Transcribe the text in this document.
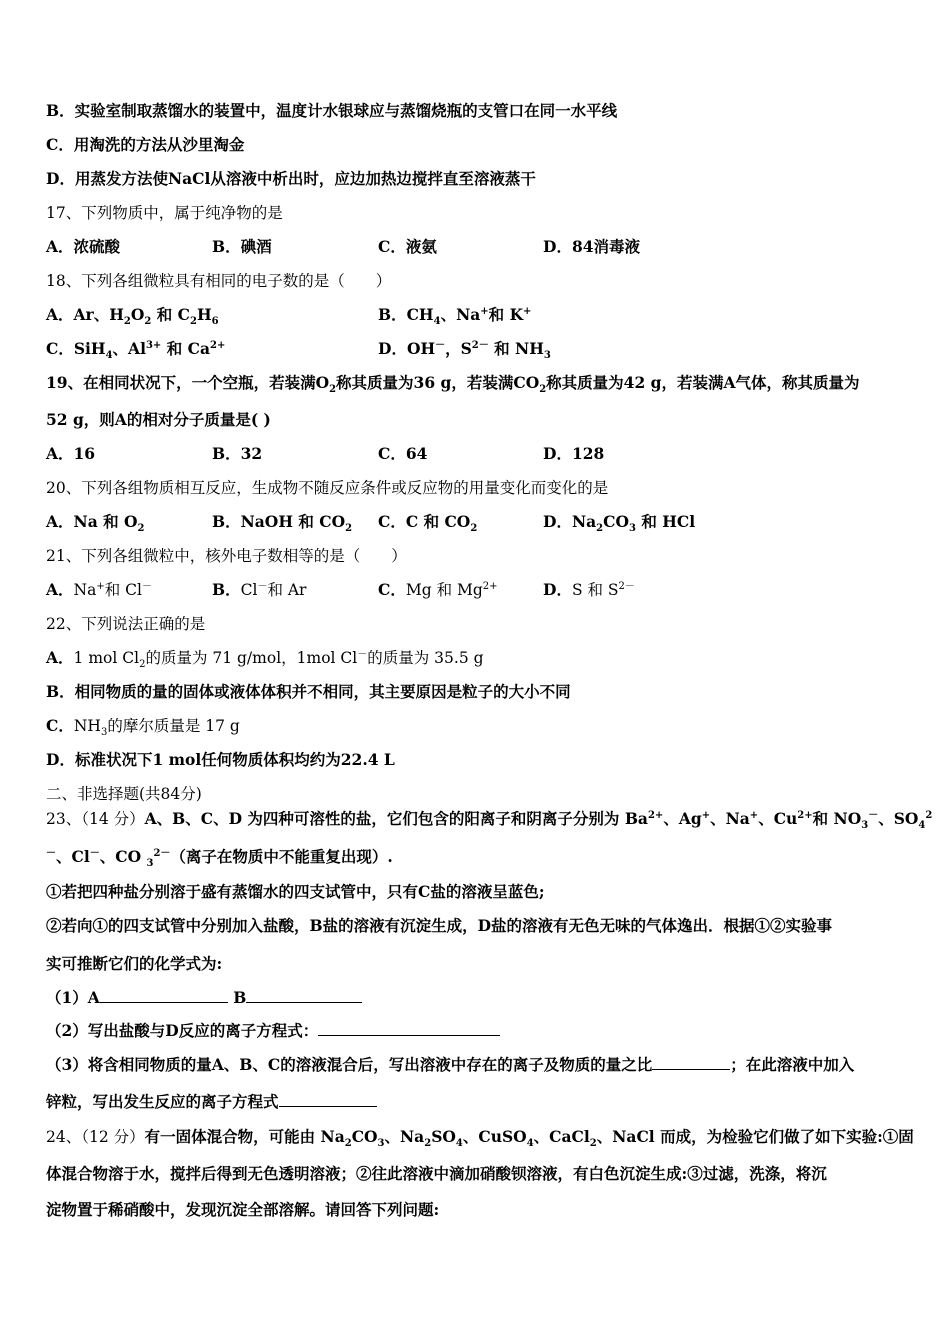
B．实验室制取蒸馏水的装置中，温度计水银球应与蒸馏烧瓶的支管口在同一水平线
C．用淘洗的方法从沙里淘金
D．用蒸发方法使NaCl从溶液中析出时，应边加热边搅拌直至溶液蒸干
17、下列物质中，属于纯净物的是
A．浓硫酸	B．碘酒	C．液氨	D．84消毒液
18、下列各组微粒具有相同的电子数的是（　　）
A．Ar、$H_2O_2$ 和 $C_2H_6$	B．$CH_4$、Na+和 K+
C．SiH$_4$、$Al^{3+}$ 和 $Ca^{2+}$	D．OH－，$S^{2-}$ 和 $NH_3$
19、在相同状况下，一个空瓶，若装满$O_2$称其质量为36 g，若装满$CO_2$称其质量为42 g，若装满A气体，称其质量为
52 g，则A的相对分子质量是( )
A．16	B．32	C．64	D．128
20、下列各组物质相互反应，生成物不随反应条件或反应物的用量变化而变化的是
A．Na 和 $O_2$	B．NaOH 和 $CO_2$ C．C 和 $CO_2$	D．$Na_2CO_3$ 和 HCl
21、下列各组微粒中，核外电子数相等的是（　　）
A．Na+和 Cl－	B．Cl－和 Ar	C．Mg 和 $Mg^{2+}$	D．S 和 $S^{2-}$
22、下列说法正确的是
A．1 mol $Cl_2$的质量为 71 g/mol，1mol Cl－的质量为 35.5 g
B．相同物质的量的固体或液体体积并不相同，其主要原因是粒子的大小不同
C．$NH_3$的摩尔质量是 17 g
D．标准状况下1 mol任何物质体积均约为22.4 L
二、非选择题(共84分)
23、（14 分）A、B、C、D 为四种可溶性的盐，它们包含的阳离子和阴离子分别为 $Ba^{2+}$、Ag+、Na+、$Cu^{2+}$和 $NO_3^-$、$SO_4^2$
－、Cl－、CO $_3^{2-}$（离子在物质中不能重复出现）.
①若把四种盐分别溶于盛有蒸馏水的四支试管中，只有C盐的溶液呈蓝色;
②若向①的四支试管中分别加入盐酸，B盐的溶液有沉淀生成，D盐的溶液有无色无味的气体逸出．根据①②实验事
实可推断它们的化学式为:
（1）A	B
（2）写出盐酸与D反应的离子方程式：
（3）将含相同物质的量A、B、C的溶液混合后，写出溶液中存在的离子及物质的量之比	；在此溶液中加入
锌粒，写出发生反应的离子方程式
24、（12 分）有一固体混合物，可能由 $Na_2CO_3$、$Na_2SO_4$、CuSO$_4$、CaCl$_2$、NaCl 而成，为检验它们做了如下实验:①固
体混合物溶于水，搅拌后得到无色透明溶液；②往此溶液中滴加硝酸钡溶液，有白色沉淀生成:③过滤，洗涤，将沉
淀物置于稀硝酸中，发现沉淀全部溶解。请回答下列问题:
